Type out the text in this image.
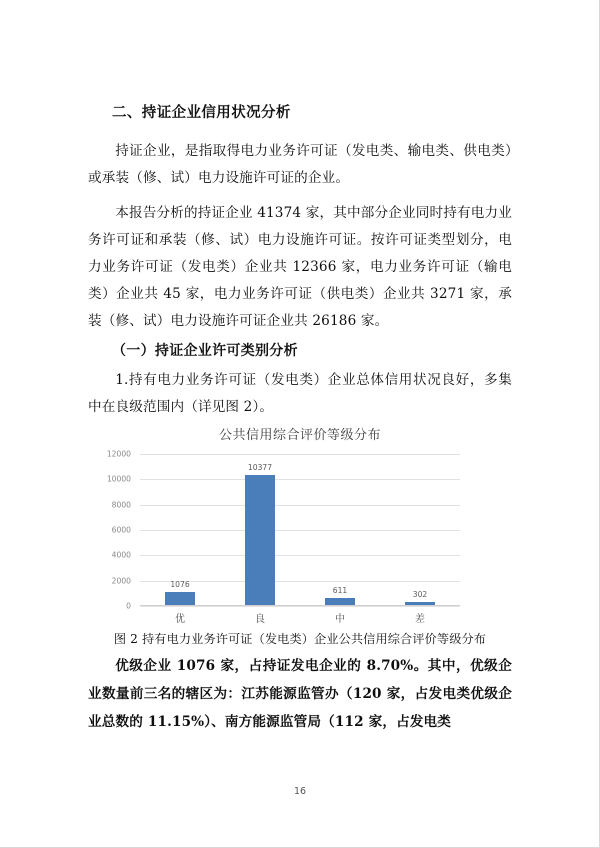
二、持证企业信用状况分析

持证企业，是指取得电力业务许可证（发电类、输电类、供电类）或承装（修、试）电力设施许可证的企业。

本报告分析的持证企业 41374 家，其中部分企业同时持有电力业务许可证和承装（修、试）电力设施许可证。按许可证类型划分，电力业务许可证（发电类）企业共 12366 家，电力业务许可证（输电类）企业共 45 家，电力业务许可证（供电类）企业共 3271 家，承装（修、试）电力设施许可证企业共 26186 家。

（一）持证企业许可类别分析

1.持有电力业务许可证（发电类）企业总体信用状况良好，多集中在良级范围内（详见图 2）。

公共信用综合评价等级分布
0
2000
4000
6000
8000
10000
12000
1076
优
10377
良
611
中
302
差
图 2 持有电力业务许可证（发电类）企业公共信用综合评价等级分布

优级企业 1076 家，占持证发电企业的 8.70%。其中，优级企业数量前三名的辖区为：江苏能源监管办（120 家，占发电类优级企业总数的 11.15%）、南方能源监管局（112 家，占发电类

16
